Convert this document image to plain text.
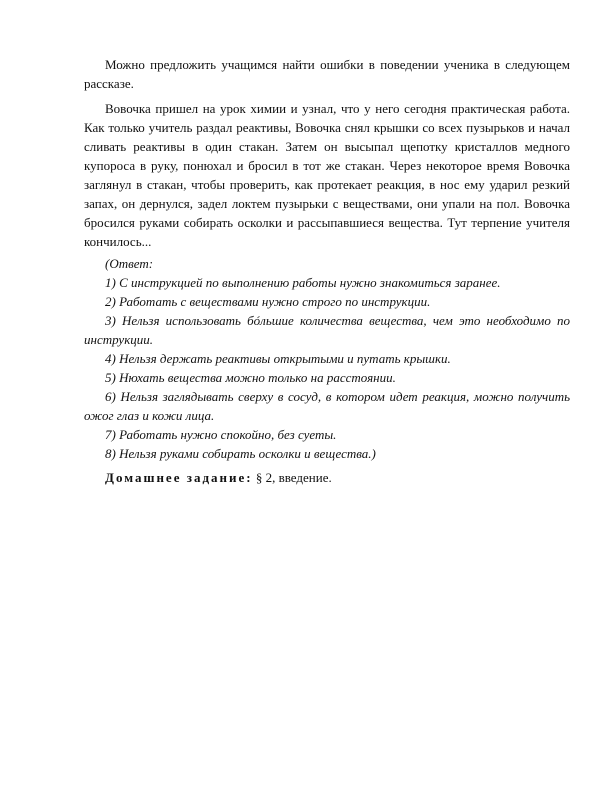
Можно предложить учащимся найти ошибки в поведении ученика в следующем рассказе.

Вовочка пришел на урок химии и узнал, что у него сегодня практическая работа. Как только учитель раздал реактивы, Вовочка снял крышки со всех пузырьков и начал сливать реактивы в один стакан. Затем он высыпал щепотку кристаллов медного купороса в руку, понюхал и бросил в тот же стакан. Через некоторое время Вовочка заглянул в стакан, чтобы проверить, как протекает реакция, в нос ему ударил резкий запах, он дернулся, задел локтем пузырьки с веществами, они упали на пол. Вовочка бросился руками собирать осколки и рассыпавшиеся вещества. Тут терпение учителя кончилось...

(Ответ:

1) С инструкцией по выполнению работы нужно знакомиться заранее.

2) Работать с веществами нужно строго по инструкции.

3) Нельзя использовать бóльшие количества вещества, чем это необходимо по инструкции.

4) Нельзя держать реактивы открытыми и путать крышки.

5) Нюхать вещества можно только на расстоянии.

6) Нельзя заглядывать сверху в сосуд, в котором идет реакция, можно получить ожог глаз и кожи лица.

7) Работать нужно спокойно, без суеты.

8) Нельзя руками собирать осколки и вещества.)

Домашнее задание: § 2, введение.
